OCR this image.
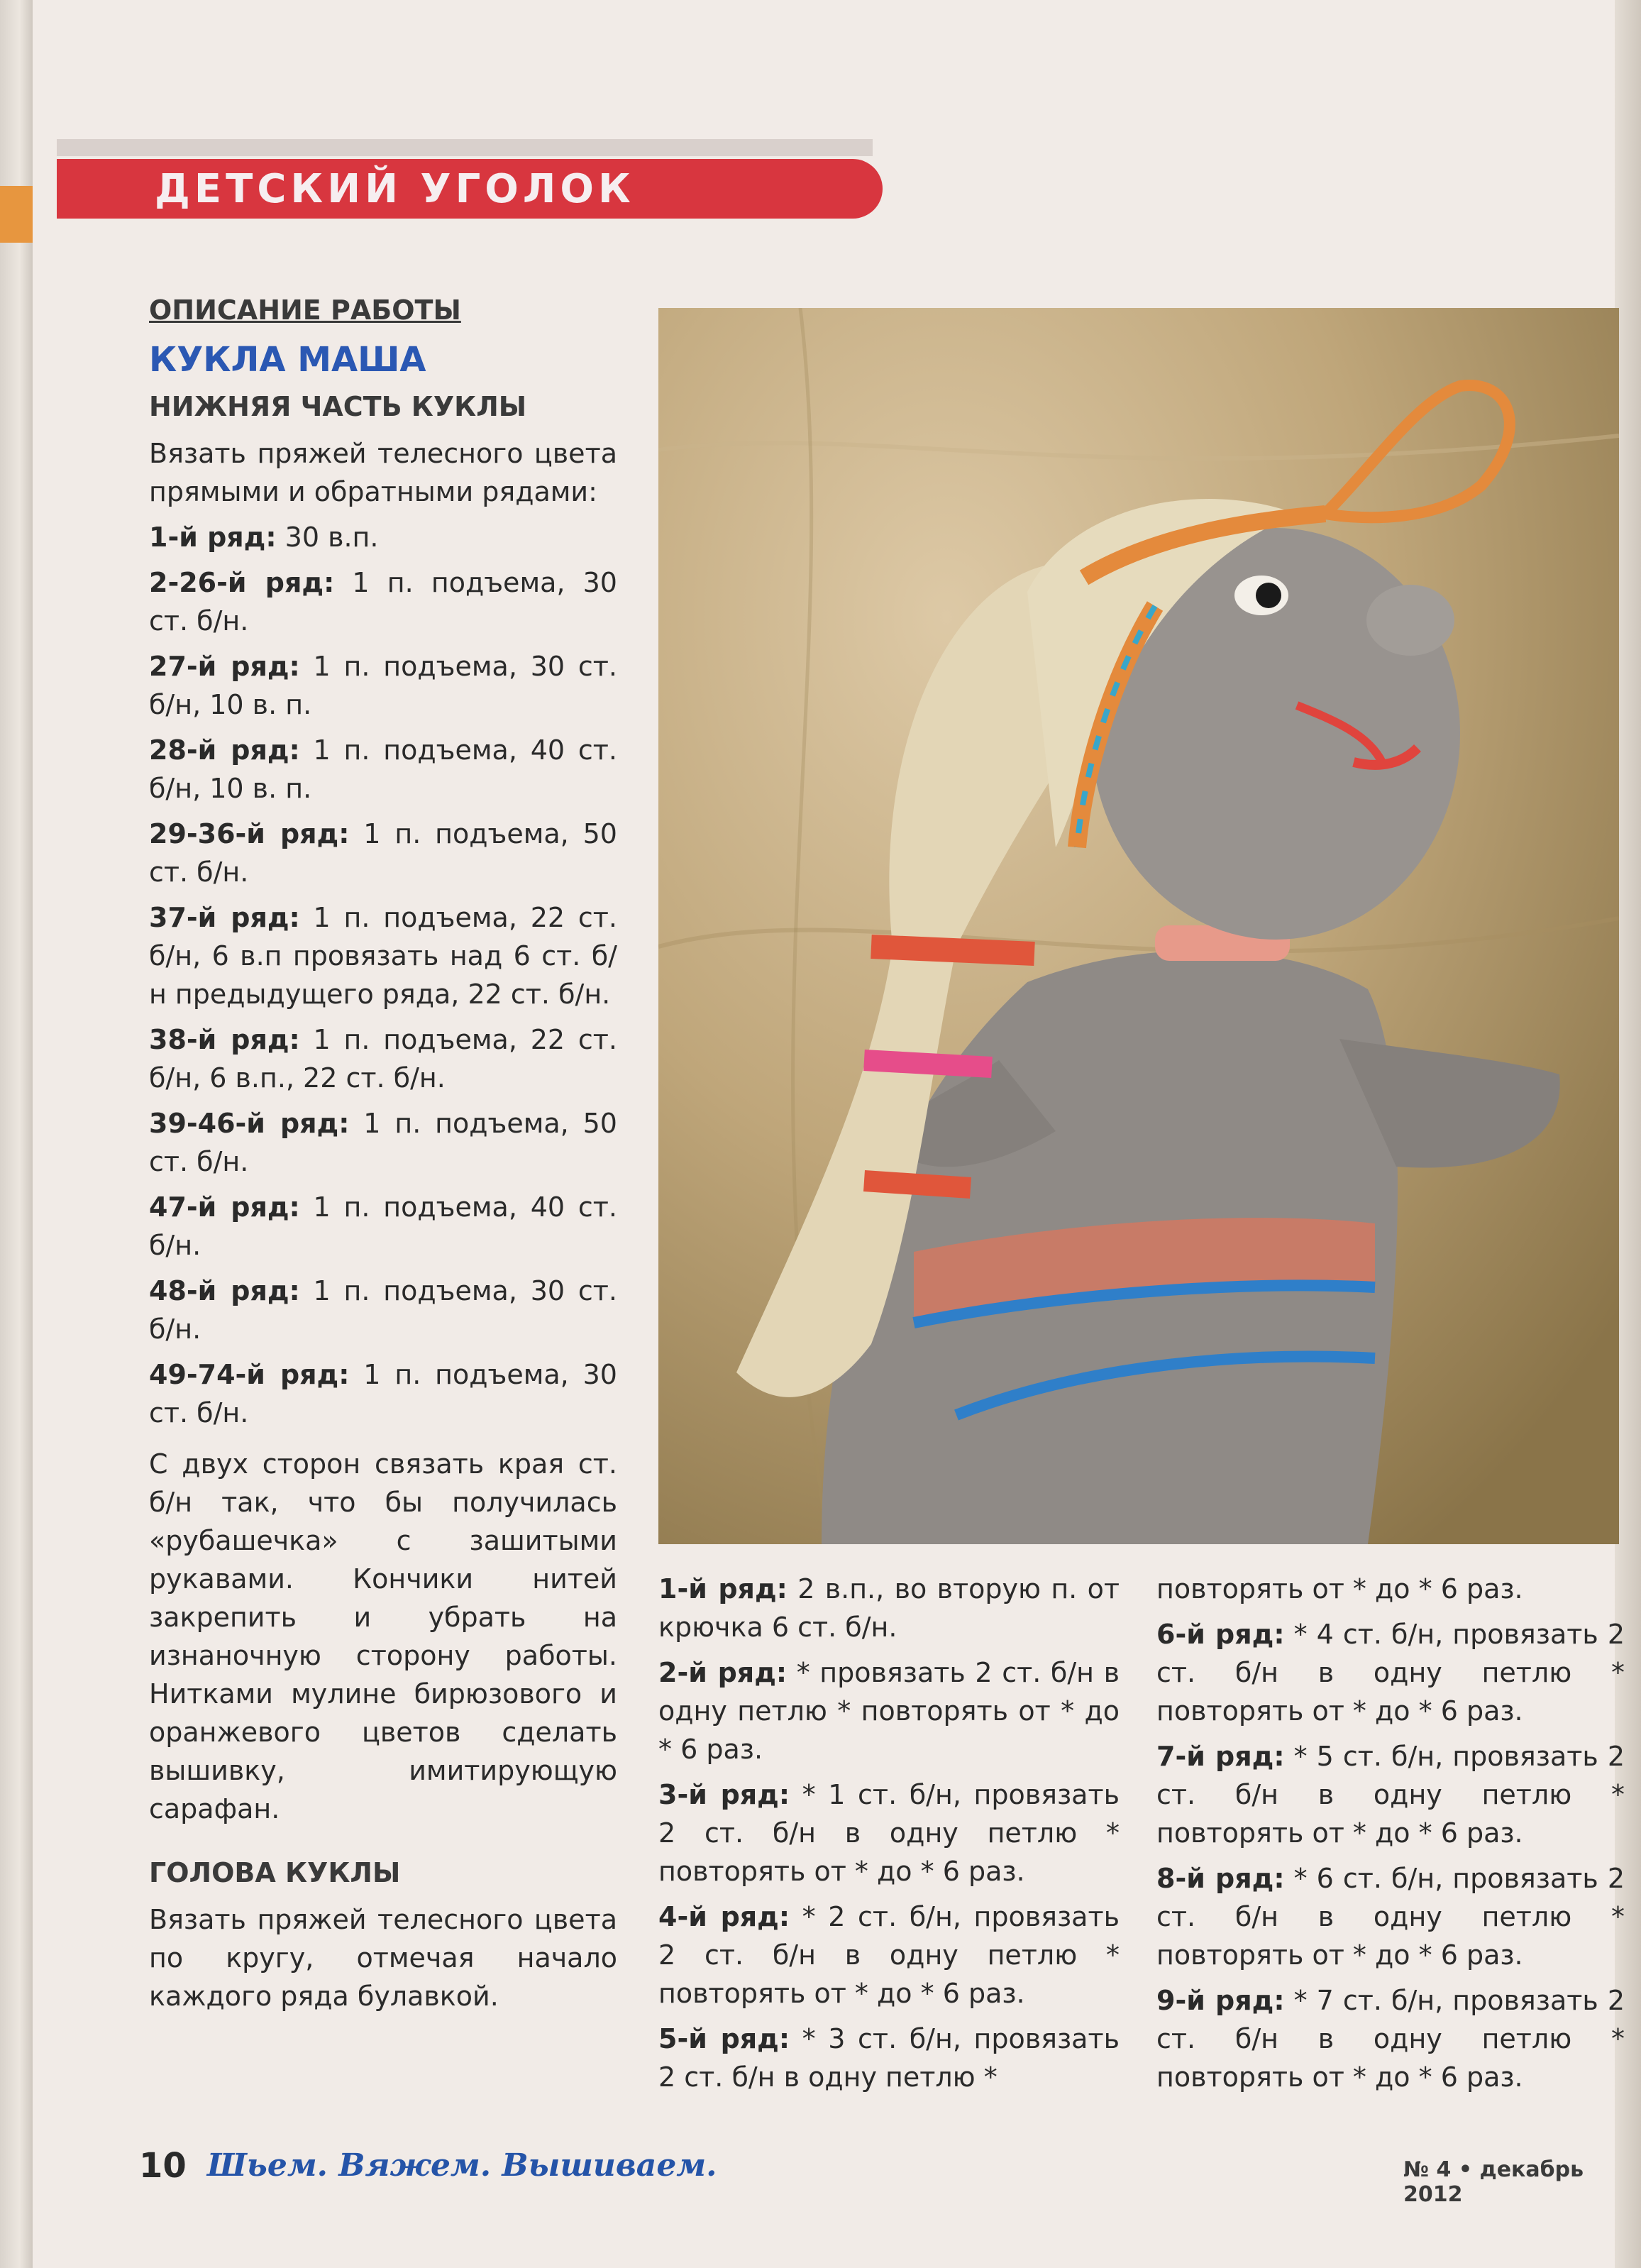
ДЕТСКИЙ УГОЛОК
ОПИСАНИЕ РАБОТЫ
КУКЛА МАША
НИЖНЯЯ ЧАСТЬ КУКЛЫ

Вязать пряжей телесного цвета прямыми и обратными рядами:

1-й ряд: 30 в.п.
2-26-й ряд: 1 п. подъема, 30 ст. б/н.
27-й ряд: 1 п. подъема, 30 ст. б/н, 10 в. п.
28-й ряд: 1 п. подъема, 40 ст. б/н, 10 в. п.
29-36-й ряд: 1 п. подъема, 50 ст. б/н.
37-й ряд: 1 п. подъема, 22 ст. б/н, 6 в.п провязать над 6 ст. б/н предыдущего ряда, 22 ст. б/н.
38-й ряд: 1 п. подъема, 22 ст. б/н, 6 в.п., 22 ст. б/н.
39-46-й ряд: 1 п. подъема, 50 ст. б/н.
47-й ряд: 1 п. подъема, 40 ст. б/н.
48-й ряд: 1 п. подъема, 30 ст. б/н.
49-74-й ряд: 1 п. подъема, 30 ст. б/н.

С двух сторон связать края ст. б/н так, что бы получилась «рубашечка» с зашитыми рукавами. Кончики нитей закрепить и убрать на изнаночную сторону работы. Нитками мулине бирюзового и оранжевого цветов сделать вышивку, имитирующую сарафан.

ГОЛОВА КУКЛЫ

Вязать пряжей телесного цвета по кругу, отмечая начало каждого ряда булавкой.

1-й ряд: 2 в.п., во вторую п. от крючка 6 ст. б/н.
2-й ряд: * провязать 2 ст. б/н в одну петлю * повторять от * до * 6 раз.
3-й ряд: * 1 ст. б/н, провязать 2 ст. б/н в одну петлю * повторять от * до * 6 раз.
4-й ряд: * 2 ст. б/н, провязать 2 ст. б/н в одну петлю * повторять от * до * 6 раз.
5-й ряд: * 3 ст. б/н, провязать 2 ст. б/н в одну петлю *

повторять от * до * 6 раз.

6-й ряд: * 4 ст. б/н, провязать 2 ст. б/н в одну петлю * повторять от * до * 6 раз.
7-й ряд: * 5 ст. б/н, провязать 2 ст. б/н в одну петлю * повторять от * до * 6 раз.
8-й ряд: * 6 ст. б/н, провязать 2 ст. б/н в одну петлю * повторять от * до * 6 раз.
9-й ряд: * 7 ст. б/н, провязать 2 ст. б/н в одну петлю * повторять от * до * 6 раз.
10 Шьем. Вяжем. Вышиваем.	№ 4 • декабрь 2012
